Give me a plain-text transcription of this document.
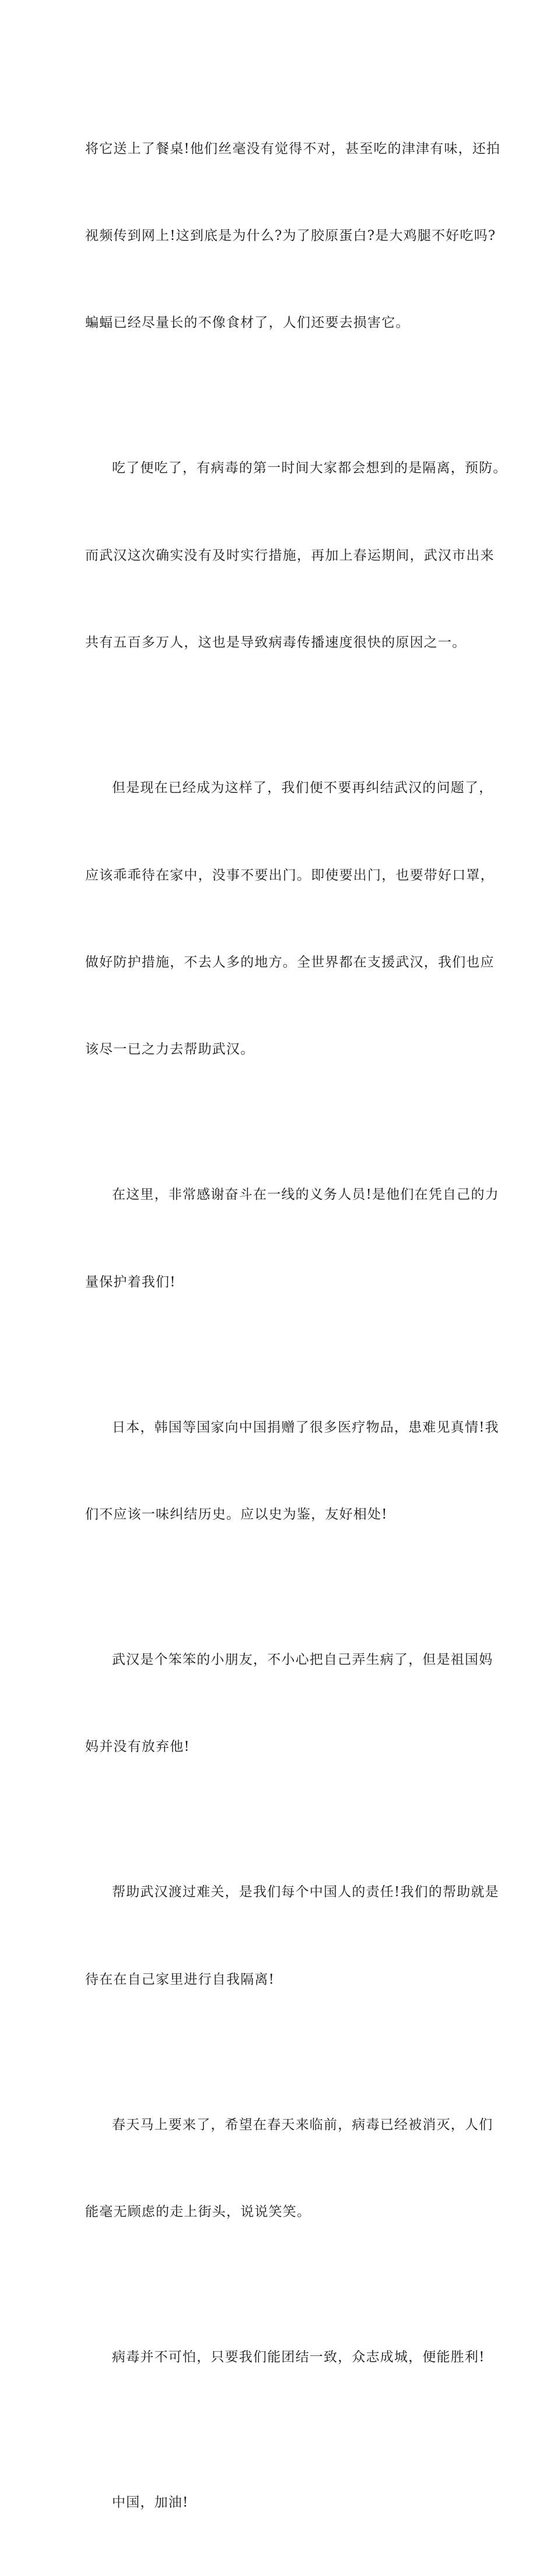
将它送上了餐桌!他们丝毫没有觉得不对，甚至吃的津津有味，还拍

视频传到网上!这到底是为什么?为了胶原蛋白?是大鸡腿不好吃吗?

蝙蝠已经尽量长的不像食材了，人们还要去损害它。

吃了便吃了，有病毒的第一时间大家都会想到的是隔离，预防。

而武汉这次确实没有及时实行措施，再加上春运期间，武汉市出来

共有五百多万人，这也是导致病毒传播速度很快的原因之一。

但是现在已经成为这样了，我们便不要再纠结武汉的问题了，

应该乖乖待在家中，没事不要出门。即使要出门，也要带好口罩，

做好防护措施，不去人多的地方。全世界都在支援武汉，我们也应

该尽一已之力去帮助武汉。

在这里，非常感谢奋斗在一线的义务人员!是他们在凭自己的力

量保护着我们!

日本，韩国等国家向中国捐赠了很多医疗物品，患难见真情!我

们不应该一味纠结历史。应以史为鉴，友好相处!

武汉是个笨笨的小朋友，不小心把自己弄生病了，但是祖国妈

妈并没有放弃他!

帮助武汉渡过难关，是我们每个中国人的责任!我们的帮助就是

待在在自己家里进行自我隔离!

春天马上要来了，希望在春天来临前，病毒已经被消灭，人们

能毫无顾虑的走上街头，说说笑笑。

病毒并不可怕，只要我们能团结一致，众志成城，便能胜利!

中国，加油!
